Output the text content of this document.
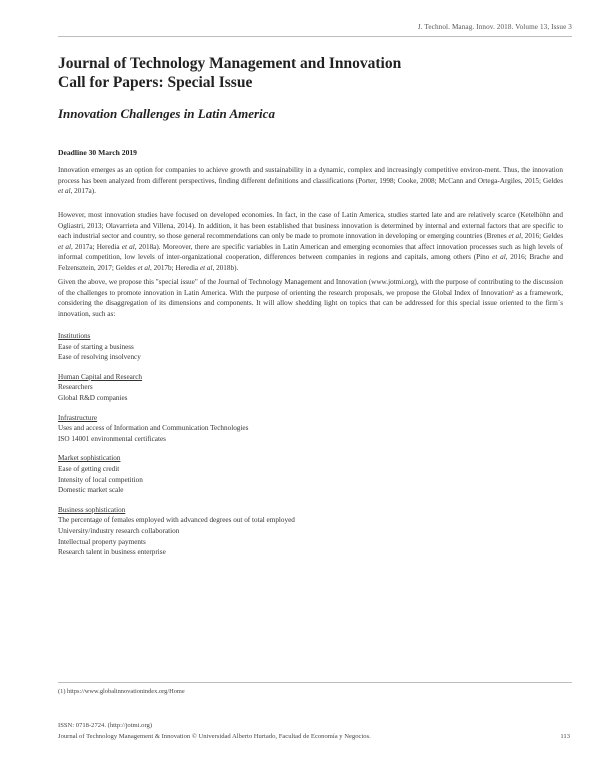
J. Technol. Manag. Innov. 2018. Volume 13, Issue 3
Journal of Technology Management and Innovation
Call for Papers: Special Issue
Innovation Challenges in Latin America
Deadline 30 March 2019

Innovation emerges as an option for companies to achieve growth and sustainability in a dynamic, complex and increasingly competitive environ-ment. Thus, the innovation process has been analyzed from different perspectives, finding different definitions and classifications (Porter, 1998; Cooke, 2008; McCann and Ortega-Argiles, 2015; Geldes et al, 2017a).

However, most innovation studies have focused on developed economies. In fact, in the case of Latin America, studies started late and are relatively scarce (Ketelhöhn and Ogliastri, 2013; Olavarrieta and Villena, 2014). In addition, it has been established that business innovation is determined by internal and external factors that are specific to each industrial sector and country, so those general recommendations can only be made to promote innovation in developing or emerging countries (Brenes et al, 2016; Geldes et al, 2017a; Heredia et al, 2018a). Moreover, there are specific variables in Latin American and emerging economies that affect innovation processes such as high levels of informal competition, low levels of inter-organizational cooperation, differences between companies in regions and capitals, among others (Pino et al, 2016; Brache and Felzensztein, 2017; Geldes et al, 2017b; Heredia et al, 2018b).

Given the above, we propose this "special issue" of the Journal of Technology Management and Innovation (www.jotmi.org), with the purpose of contributing to the discussion of the challenges to promote innovation in Latin America. With the purpose of orienting the research proposals, we propose the Global Index of Innovation¹ as a framework, considering the disaggregation of its dimensions and components. It will allow shedding light on topics that can be addressed for this special issue oriented to the firm´s innovation, such as:

Institutions
Ease of starting a business
Ease of resolving insolvency
Human Capital and Research
Researchers
Global R&D companies
Infrastructure
Uses and access of Information and Communication Technologies
ISO 14001 environmental certificates
Market sophistication
Ease of getting credit
Intensity of local competition
Domestic market scale
Business sophistication
The percentage of females employed with advanced degrees out of total employed
University/industry research collaboration
Intellectual property payments
Research talent in business enterprise
(1) https://www.globalinnovationindex.org/Home
ISSN: 0718-2724. (http://jotmi.org)
Journal of Technology Management & Innovation © Universidad Alberto Hurtado, Facultad de Economía y Negocios.	113
